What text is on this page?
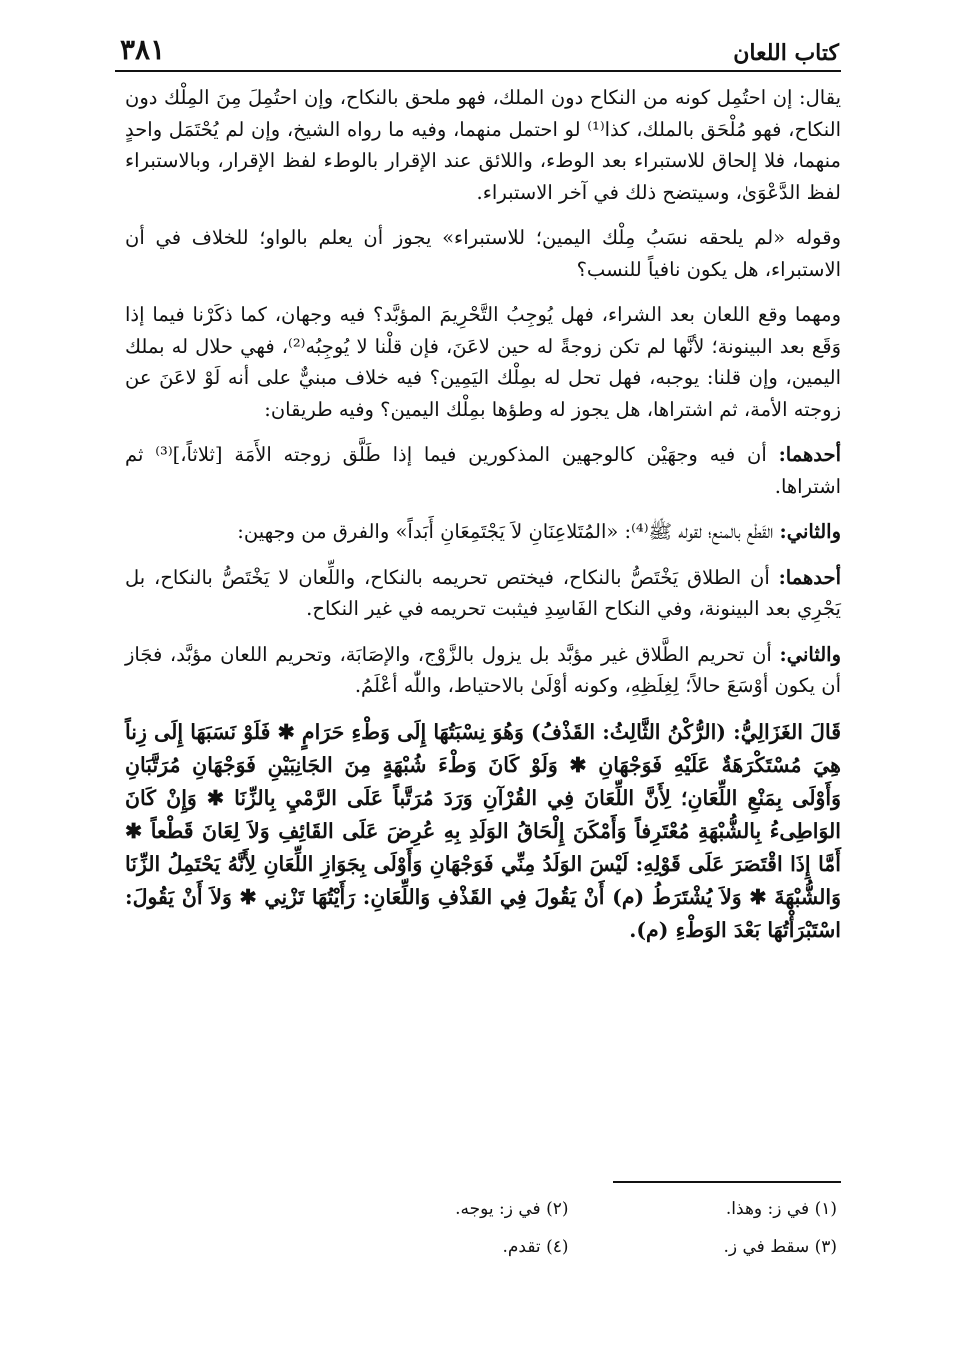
كتاب اللعان
٣٨١

يقال: إن احتُمِل كونه من النكاح دون الملك، فهو ملحق بالنكاح، وإن احتُمِلَ مِنَ المِلْك دون النكاح، فهو مُلْحَق بالملك، كذا⁽¹⁾ لو احتمل منهما، وفيه ما رواه الشيخ، وإن لم يُحْتَمَل واحدٍ منهما، فلا إلحاق للاستبراء بعد الوطء، واللائق عند الإقرار بالوطء لفظ الإقرار، وبالاستبراء لفظ الدَّعْوَىٰ، وسيتضح ذلك في آخر الاستبراء.

وقوله «لم يلحقه نسَبُ مِلْك اليمين؛ للاستبراء» يجوز أن يعلم بالواو؛ للخلاف في أن الاستبراء، هل يكون نافياً للنسب؟

ومهما وقع اللعان بعد الشراء، فهل يُوجِبُ التَّحْرِيمَ المؤبَّد؟ فيه وجهان، كما ذكَرْنا فيما إذا وَقَع بعد البينونة؛ لأنَّها لم تكن زوجةً له حين لاعَنَ، فإن قلْنا لا يُوجِبُه⁽²⁾، فهي حلال له بملك اليمين، وإن قلنا: يوجبه، فهل تحل له بمِلْك اليَمِين؟ فيه خلاف مبنيٌّ على أنه لَوْ لاعَنَ عن زوجته الأمة، ثم اشتراها، هل يجوز له وطؤها بمِلْك اليمين؟ وفيه طريقان:

أحدهما: أن فيه وجهَيْن كالوجهين المذكورين فيما إذا طَلَّق زوجته الأَمَة [ثلاثاً،]⁽³⁾ ثم اشتراها.

والثاني: القَطْع بالمنع؛ لقوله ﷺ⁽⁴⁾: «المُتَلاعِنَانِ لاَ يَجْتَمِعَانِ أَبَداً» والفرق من وجهين:

أحدهما: أن الطلاق يَخْتَصُّ بالنكاح، فيختص تحريمه بالنكاح، واللِّعان لا يَخْتَصُّ بالنكاح، بل يَجْرِي بعد البينونة، وفي النكاح الفَاسِدِ فيثبت تحريمه في غير النكاح.

والثاني: أن تحريم الطَّلاق غير مؤبَّد بل يزول بالزَّوْج، والإصَابَة، وتحريم اللعان مؤبَّد، فجَاز أن يكون أوْسَعَ حالاً؛ لِغِلَظِهِ، وكونه أوْلَىٰ بالاحتياط، واللّٰه أعْلَمُ.

قَالَ الغَزَالِيُّ: (الرُّكْنُ الثَّالِثُ: القَذْفُ) وَهُوَ نِسْبَتُهَا إِلَى وَطْءِ حَرَامٍ ✱ فَلَوْ نَسَبَهَا إِلَى زِناً هِيَ مُسْتَكْرَهَةٌ عَلَيْهِ فَوَجْهَانِ ✱ وَلَوْ كَانَ وَطْءَ شُبْهَةٍ مِنَ الجَانِبَيْنِ فَوَجْهَانِ مُرَتَّبَانِ وَأَوْلَى بِمَنْعِ اللِّعَانِ؛ لِأَنَّ اللِّعَانَ فِي القُرْآنِ وَرَدَ مُرَتَّباً عَلَى الرَّمْيِ بِالزِّنَا ✱ وَإِنْ كَانَ الوَاطِىءُ بِالشُّبْهَةِ مُعْتَرِفاً وَأَمْكَنَ إِلْحَاقُ الوَلَدِ بِهِ عُرِضَ عَلَى القَائِفِ وَلاَ لِعَانَ قَطْعاً ✱ أَمَّا إِذَا اقْتَصَرَ عَلَى قَوْلِهِ: لَيْسَ الوَلَدُ مِنِّي فَوَجْهَانِ وَأَوْلَى بِجَوَازِ اللِّعَانِ لِأَنَّهُ يَحْتَمِلُ الزِّنَا وَالشُّبْهَةَ ✱ وَلاَ يُشْتَرَطُ (م) أَنْ يَقُولَ فِي القَذْفِ وَاللِّعَانِ: رَأَيْتُهَا تَزْنِي ✱ وَلاَ أَنْ يَقُولَ: اسْتَبْرَأْتُهَا بَعْدَ الوَطْءِ (م).

(١) في ز: وهذا.
(٢) في ز: يوجه.
(٣) سقط في ز.
(٤) تقدم.
